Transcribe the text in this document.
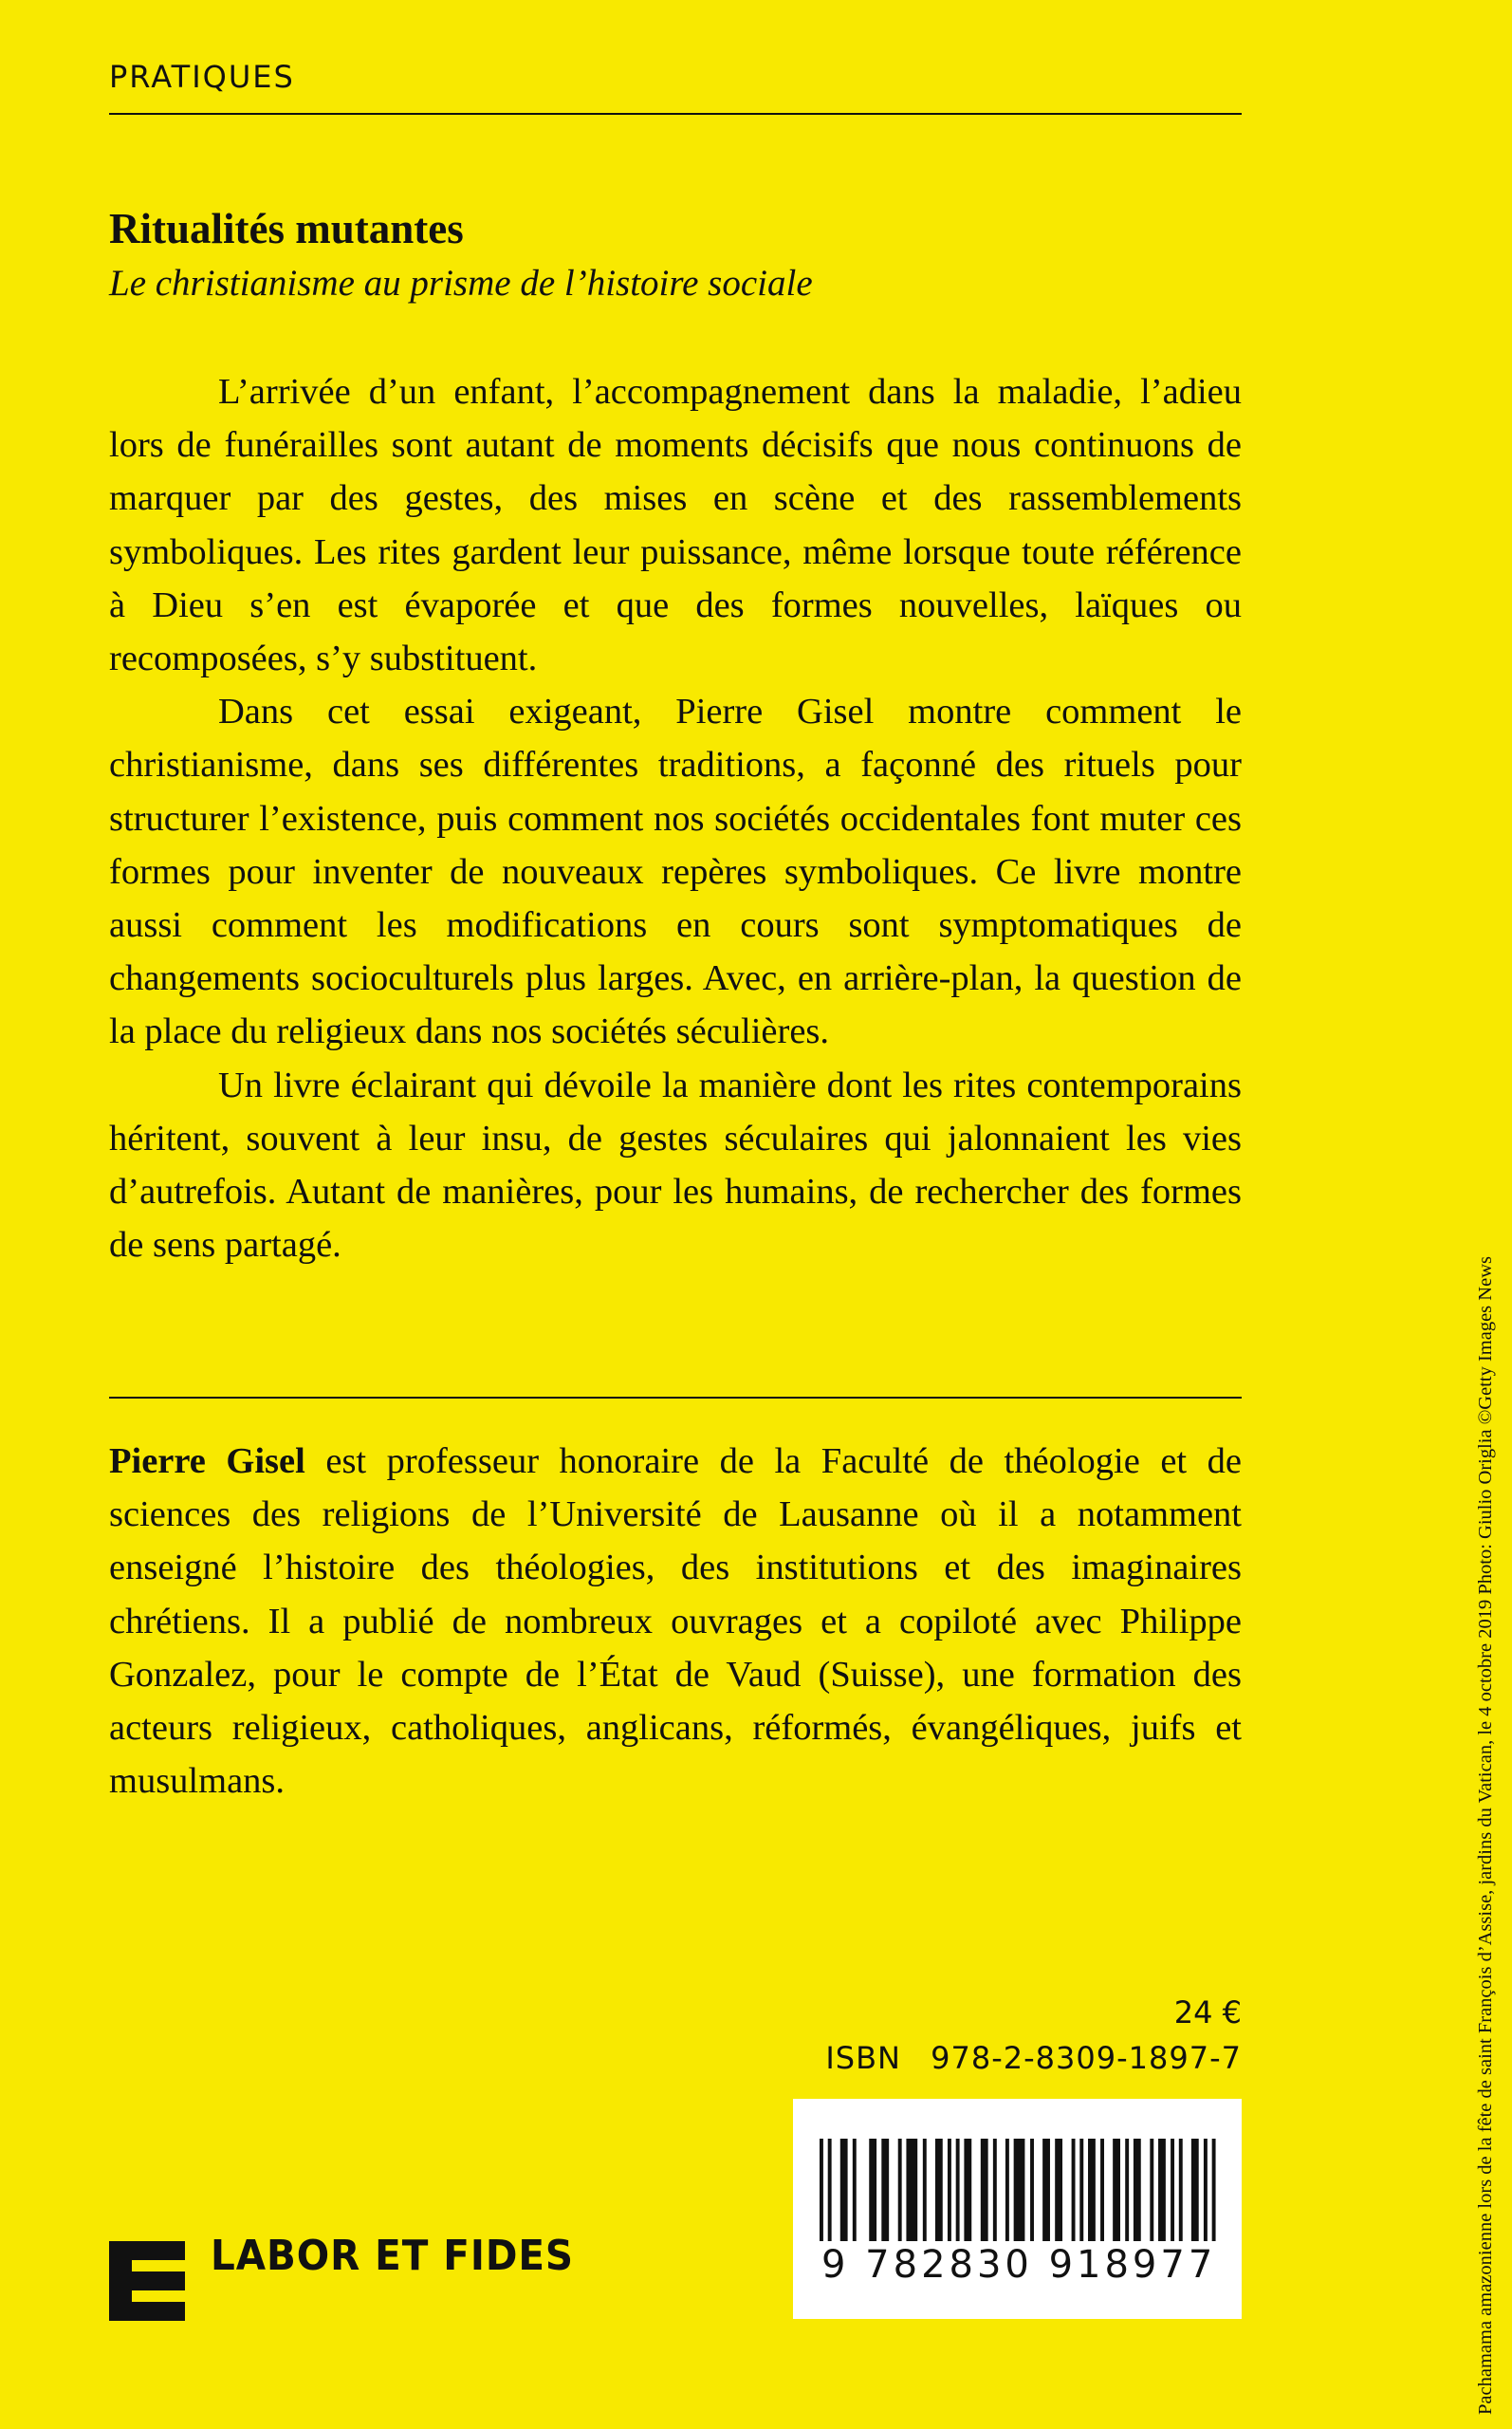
PRATIQUES
Ritualités mutantes
Le christianisme au prisme de l’histoire sociale

L’arrivée d’un enfant, l’accompagnement dans la maladie, l’adieu lors de funérailles sont autant de moments décisifs que nous continuons de marquer par des gestes, des mises en scène et des rassemblements symboliques. Les rites gardent leur puissance, même lorsque toute référence à Dieu s’en est évaporée et que des formes nouvelles, laïques ou recomposées, s’y substituent.

Dans cet essai exigeant, Pierre Gisel montre comment le christianisme, dans ses différentes traditions, a façonné des rituels pour structurer l’existence, puis comment nos sociétés occidentales font muter ces formes pour inventer de nouveaux repères symboliques. Ce livre montre aussi comment les modifications en cours sont symptomatiques de changements socioculturels plus larges. Avec, en arrière-plan, la question de la place du religieux dans nos sociétés séculières.

Un livre éclairant qui dévoile la manière dont les rites contemporains héritent, souvent à leur insu, de gestes séculaires qui jalonnaient les vies d’autrefois. Autant de manières, pour les humains, de rechercher des formes de sens partagé.

Pierre Gisel est professeur honoraire de la Faculté de théologie et de sciences des religions de l’Université de Lausanne où il a notamment enseigné l’histoire des théologies, des institutions et des imaginaires chrétiens. Il a publié de nombreux ouvrages et a copiloté avec Philippe Gonzalez, pour le compte de l’État de Vaud (Suisse), une formation des acteurs religieux, catholiques, anglicans, réformés, évangéliques, juifs et musulmans.
24 €
ISBN 978-2-8309-1897-7
9 782830 918977
LABOR ET FIDES	Pachamama amazonienne lors de la fête de saint François d’Assise, jardins du Vatican, le 4 octobre 2019 Photo: Giulio Origlia ©Getty Images News
